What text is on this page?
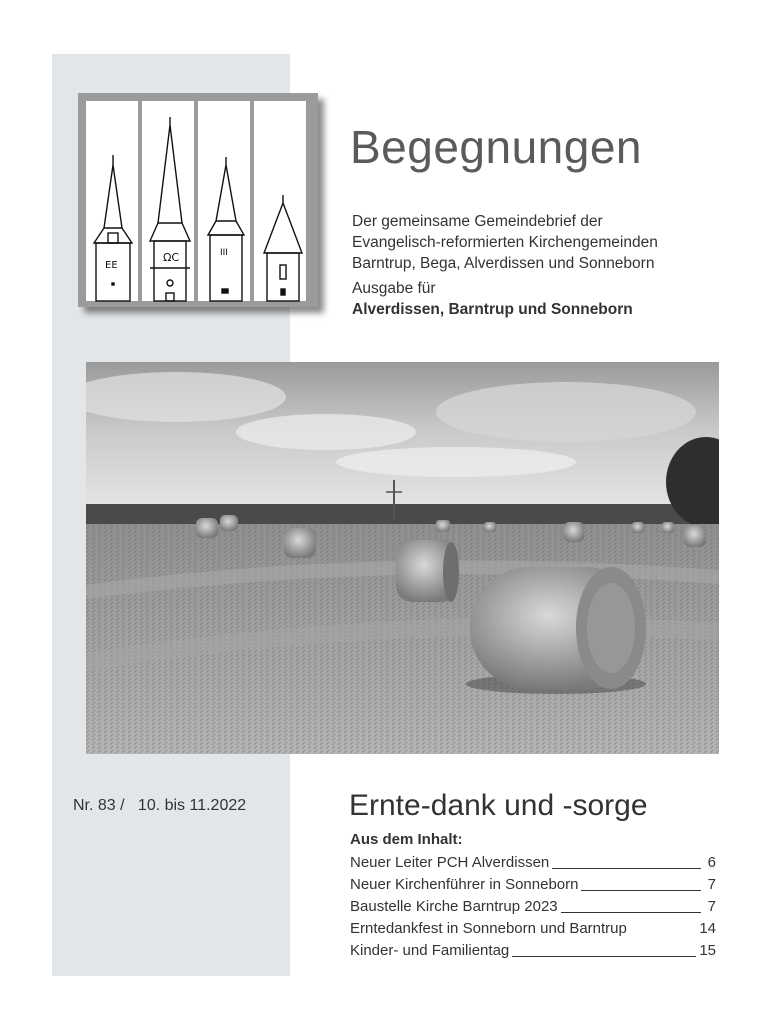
EE
ΩC	III
Begegnungen
Der gemeinsame Gemeindebrief der
Evangelisch-reformierten Kirchengemeinden
Barntrup, Bega, Alverdissen und Sonneborn
Ausgabe für
Alverdissen, Barntrup und Sonneborn
Nr. 83 /   10. bis 11.2022	Ernte-dank und -sorge
Aus dem Inhalt:
Neuer Leiter PCH Alverdissen	6
Neuer Kirchenführer in Sonneborn	7
Baustelle Kirche Barntrup 2023	7
Erntedankfest in Sonneborn und Barntrup	14
Kinder- und Familientag	15
